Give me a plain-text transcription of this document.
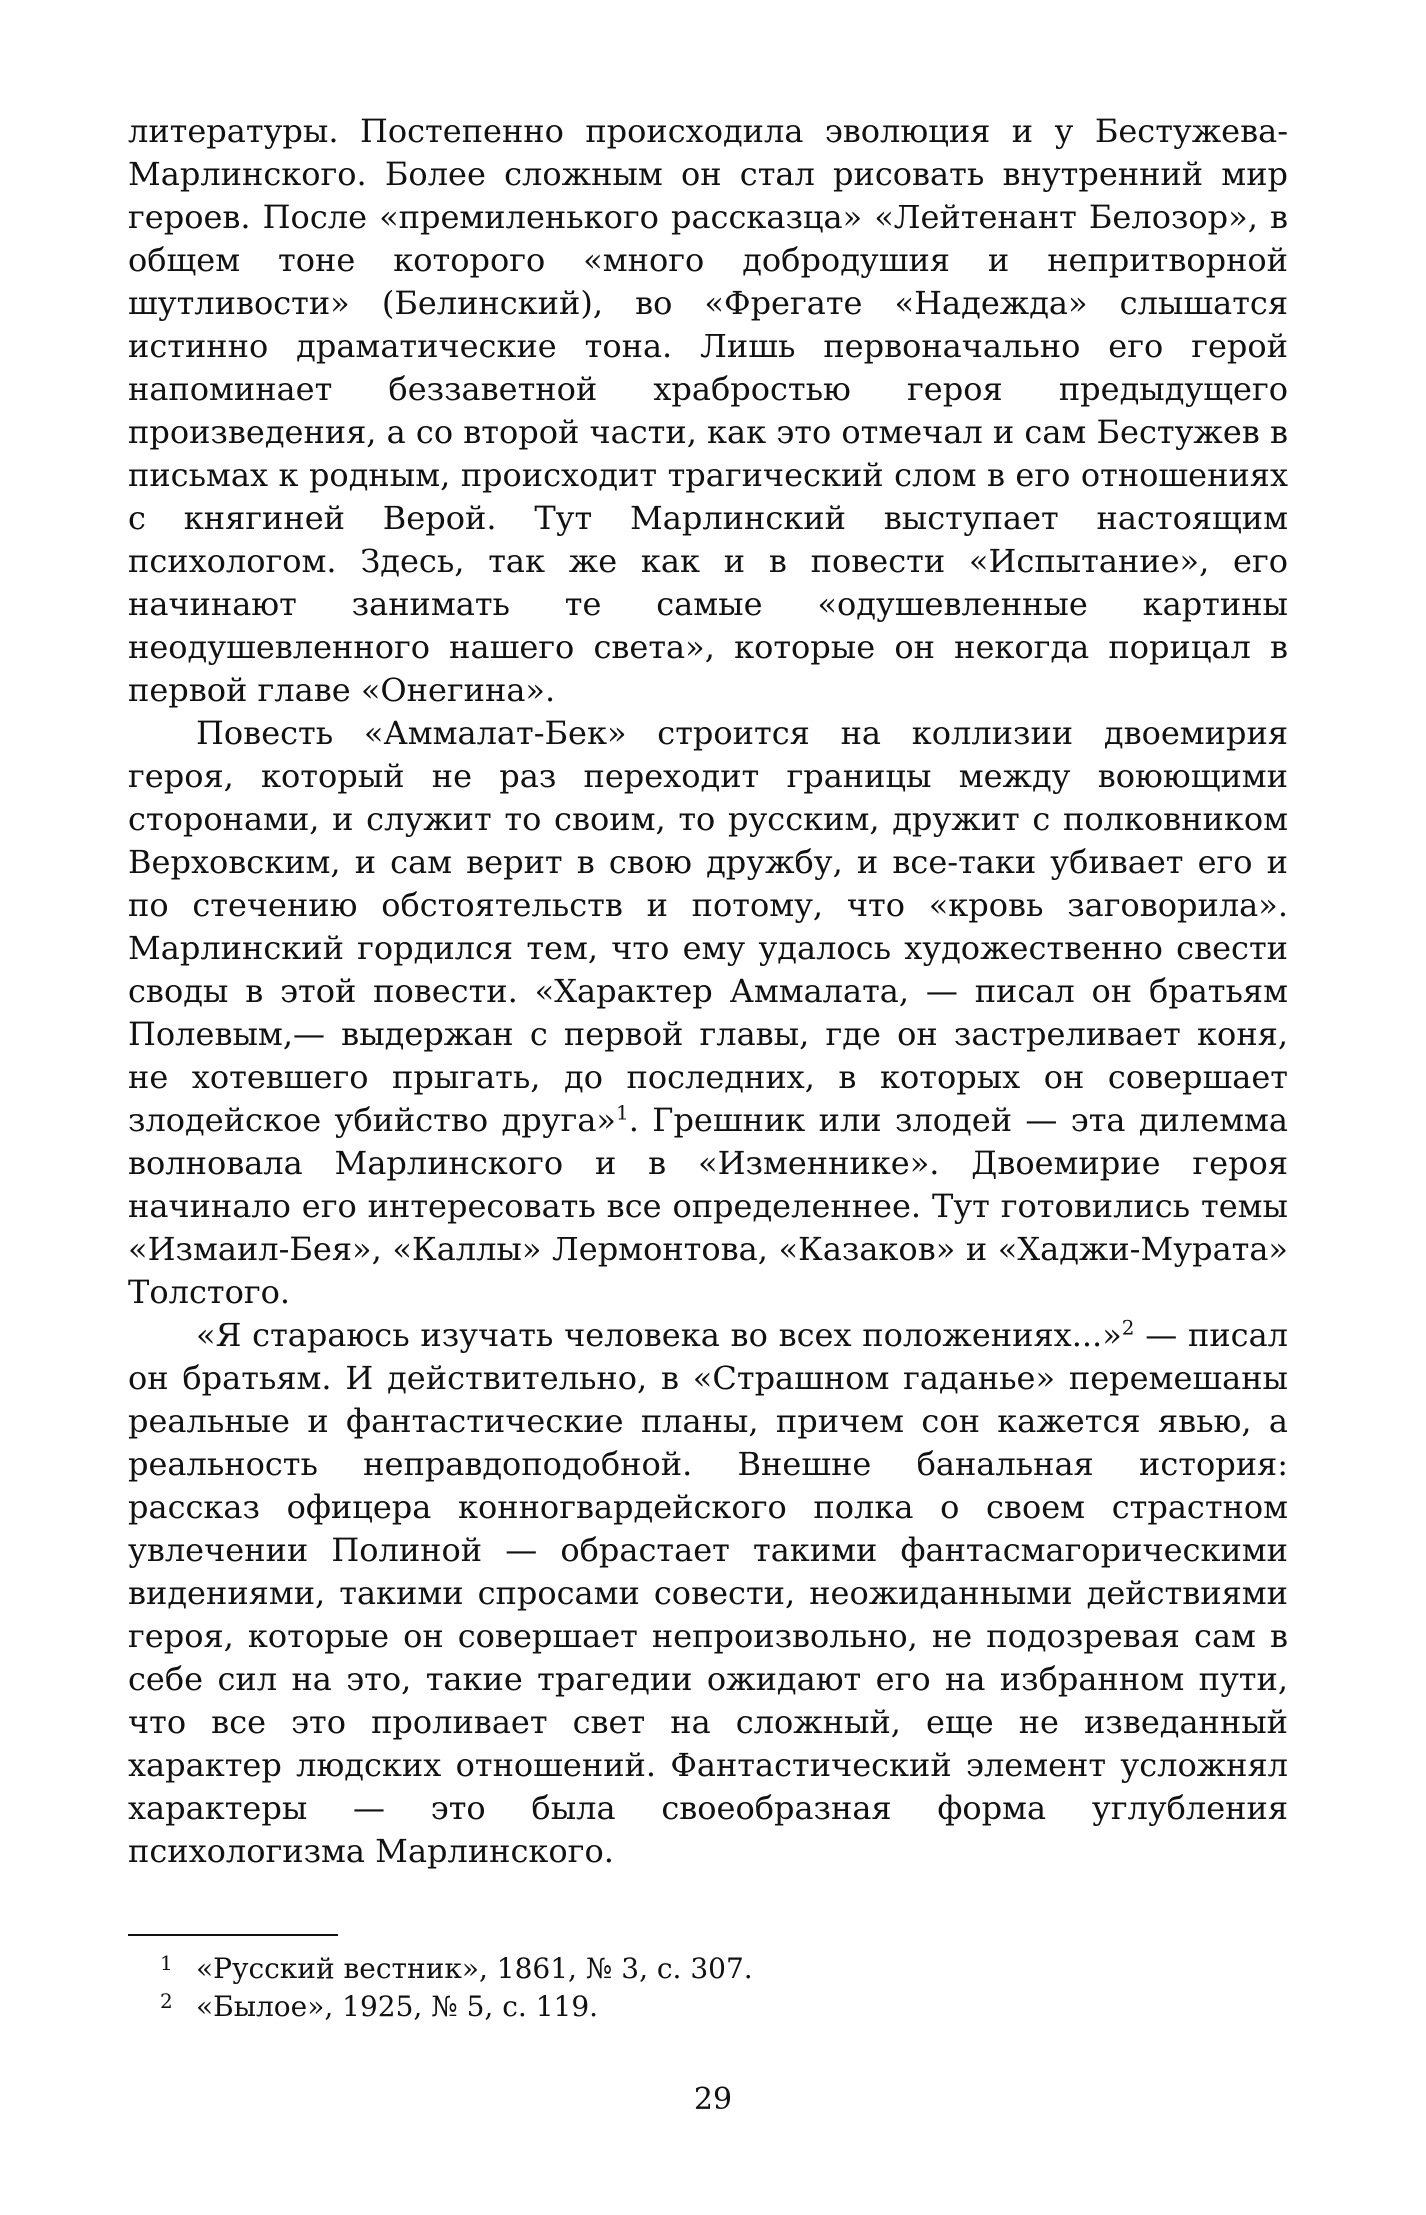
литературы. Постепенно происходила эволюция и у Бестужева-Марлинского. Более сложным он стал рисовать внутренний мир героев. После «премиленького рассказца» «Лейтенант Белозор», в общем тоне которого «много добродушия и непритворной шутливости» (Белинский), во «Фрегате «Надежда» слышатся истинно драматические тона. Лишь первоначально его герой напоминает беззаветной храбростью героя предыдущего произведения, а со второй части, как это отмечал и сам Бестужев в письмах к родным, происходит трагический слом в его отношениях с княгиней Верой. Тут Марлинский выступает настоящим психологом. Здесь, так же как и в повести «Испытание», его начинают занимать те самые «одушевленные картины неодушевленного нашего света», которые он некогда порицал в первой главе «Онегина».

Повесть «Аммалат-Бек» строится на коллизии двоемирия героя, который не раз переходит границы между воюющими сторонами, и служит то своим, то русским, дружит с полковником Верховским, и сам верит в свою дружбу, и все-таки убивает его и по стечению обстоятельств и потому, что «кровь заговорила». Марлинский гордился тем, что ему удалось художественно свести своды в этой повести. «Характер Аммалата, — писал он братьям Полевым,— выдержан с первой главы, где он застреливает коня, не хотевшего прыгать, до последних, в которых он совершает злодейское убийство друга»$^1$. Грешник или злодей — эта дилемма волновала Марлинского и в «Изменнике». Двоемирие героя начинало его интересовать все определеннее. Тут готовились темы «Измаил-Бея», «Каллы» Лермонтова, «Казаков» и «Хаджи-Мурата» Толстого.

«Я стараюсь изучать человека во всех положениях...»$^2$ — писал он братьям. И действительно, в «Страшном гаданье» перемешаны реальные и фантастические планы, причем сон кажется явью, а реальность неправдоподобной. Внешне банальная история: рассказ офицера конногвардейского полка о своем страстном увлечении Полиной — обрастает такими фантасмагорическими видениями, такими спросами совести, неожиданными действиями героя, которые он совершает непроизвольно, не подозревая сам в себе сил на это, такие трагедии ожидают его на избранном пути, что все это проливает свет на сложный, еще не изведанный характер людских отношений. Фантастический элемент усложнял характеры — это была своеобразная форма углубления психологизма Марлинского.

1 «Русский вестник», 1861, № 3, с. 307.

2 «Былое», 1925, № 5, с. 119.

29
